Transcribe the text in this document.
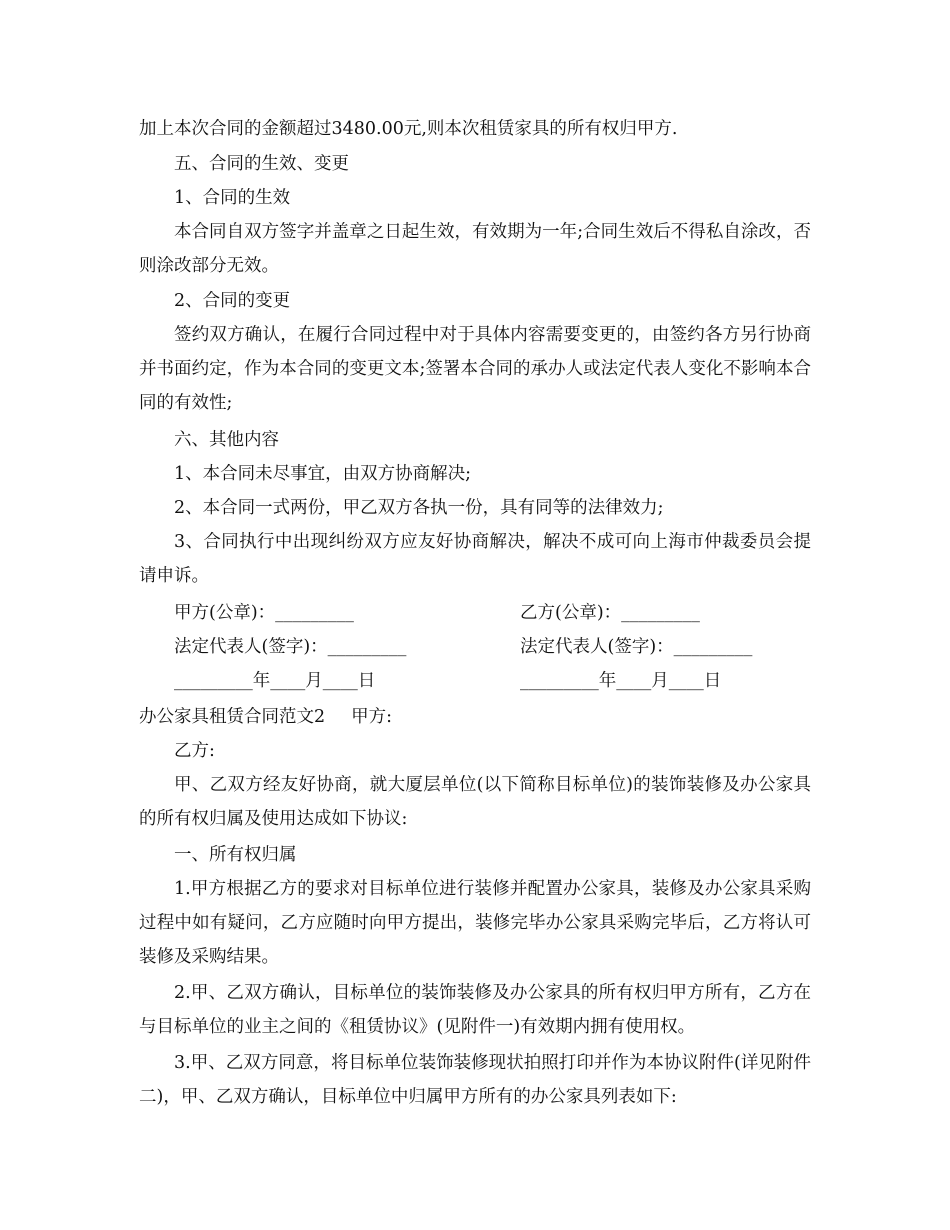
加上本次合同的金额超过3480.00元,则本次租赁家具的所有权归甲方.

五、合同的生效、变更

1、合同的生效

本合同自双方签字并盖章之日起生效，有效期为一年;合同生效后不得私自涂改，否则涂改部分无效。

2、合同的变更

签约双方确认，在履行合同过程中对于具体内容需要变更的，由签约各方另行协商并书面约定，作为本合同的变更文本;签署本合同的承办人或法定代表人变化不影响本合同的有效性;

六、其他内容

1、本合同未尽事宜，由双方协商解决;

2、本合同一式两份，甲乙双方各执一份，具有同等的法律效力;

3、合同执行中出现纠纷双方应友好协商解决，解决不成可向上海市仲裁委员会提请申诉。

甲方(公章)：_________	乙方(公章)：_________

法定代表人(签字)：_________	法定代表人(签字)：_________

_________年____月____日	_________年____月____日

办公家具租赁合同范文2 甲方:

乙方:

甲、乙双方经友好协商，就大厦层单位(以下简称目标单位)的装饰装修及办公家具的所有权归属及使用达成如下协议:

一、所有权归属

1.甲方根据乙方的要求对目标单位进行装修并配置办公家具，装修及办公家具采购过程中如有疑问，乙方应随时向甲方提出，装修完毕办公家具采购完毕后，乙方将认可装修及采购结果。

2.甲、乙双方确认，目标单位的装饰装修及办公家具的所有权归甲方所有，乙方在与目标单位的业主之间的《租赁协议》(见附件一)有效期内拥有使用权。

3.甲、乙双方同意，将目标单位装饰装修现状拍照打印并作为本协议附件(详见附件二)，甲、乙双方确认，目标单位中归属甲方所有的办公家具列表如下:
